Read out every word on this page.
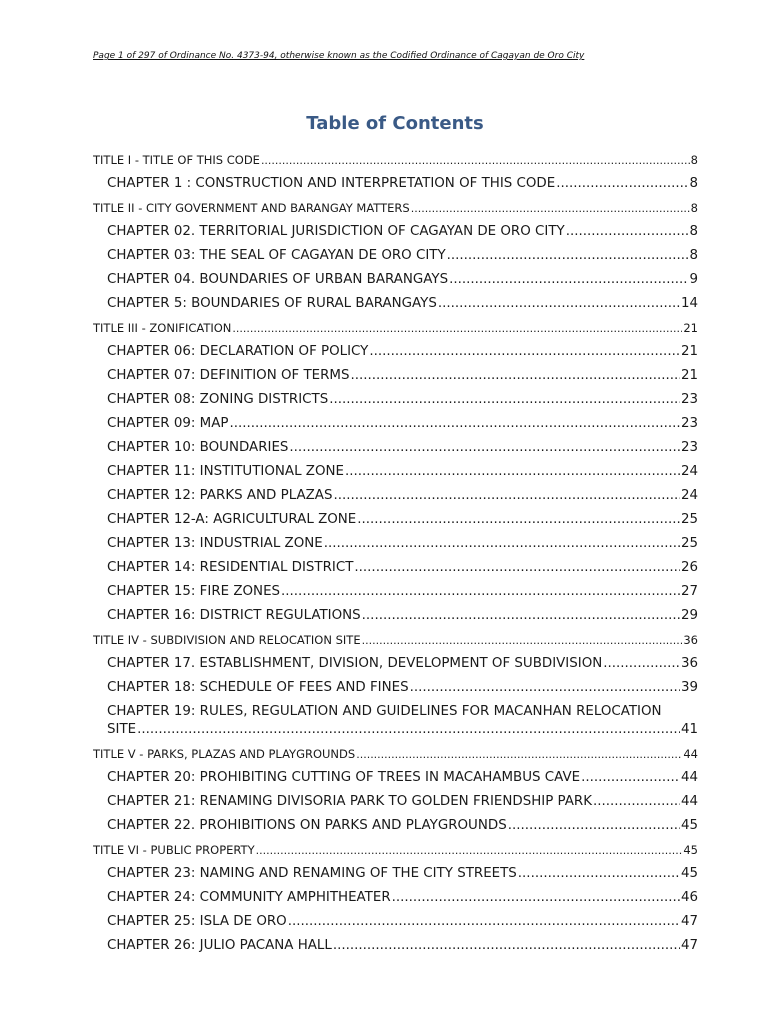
Page 1 of 297 of Ordinance No. 4373-94, otherwise known as the Codified Ordinance of Cagayan de Oro City
Table of Contents
TITLE I - TITLE OF THIS CODE .....	8
CHAPTER 1 : CONSTRUCTION AND INTERPRETATION OF THIS CODE .....	8
TITLE II - CITY GOVERNMENT AND BARANGAY MATTERS .....	8
CHAPTER 02. TERRITORIAL JURISDICTION OF CAGAYAN DE ORO CITY .....	8
CHAPTER 03: THE SEAL OF CAGAYAN DE ORO CITY .....	8
CHAPTER 04. BOUNDARIES OF URBAN BARANGAYS .....	9
CHAPTER 5: BOUNDARIES OF RURAL BARANGAYS .....	14
TITLE III - ZONIFICATION .....	21
CHAPTER 06: DECLARATION OF POLICY .....	21
CHAPTER 07: DEFINITION OF TERMS .....	21
CHAPTER 08: ZONING DISTRICTS .....	23
CHAPTER 09: MAP .....	23
CHAPTER 10: BOUNDARIES .....	23
CHAPTER 11: INSTITUTIONAL ZONE .....	24
CHAPTER 12: PARKS AND PLAZAS .....	24
CHAPTER 12-A: AGRICULTURAL ZONE .....	25
CHAPTER 13: INDUSTRIAL ZONE .....	25
CHAPTER 14: RESIDENTIAL DISTRICT .....	26
CHAPTER 15: FIRE ZONES .....	27
CHAPTER 16: DISTRICT REGULATIONS .....	29
TITLE IV - SUBDIVISION AND RELOCATION SITE .....	36
CHAPTER 17. ESTABLISHMENT, DIVISION, DEVELOPMENT OF SUBDIVISION .....	36
CHAPTER 18: SCHEDULE OF FEES AND FINES .....	39
CHAPTER 19: RULES, REGULATION AND GUIDELINES FOR MACANHAN RELOCATION
SITE .....	41
TITLE V - PARKS, PLAZAS AND PLAYGROUNDS .....	44
CHAPTER 20: PROHIBITING CUTTING OF TREES IN MACAHAMBUS CAVE .....	44
CHAPTER 21: RENAMING DIVISORIA PARK TO GOLDEN FRIENDSHIP PARK .....	44
CHAPTER 22. PROHIBITIONS ON PARKS AND PLAYGROUNDS .....	45
TITLE VI - PUBLIC PROPERTY .....	45
CHAPTER 23: NAMING AND RENAMING OF THE CITY STREETS .....	45
CHAPTER 24: COMMUNITY AMPHITHEATER .....	46
CHAPTER 25: ISLA DE ORO .....	47
CHAPTER 26: JULIO PACANA HALL .....	47
